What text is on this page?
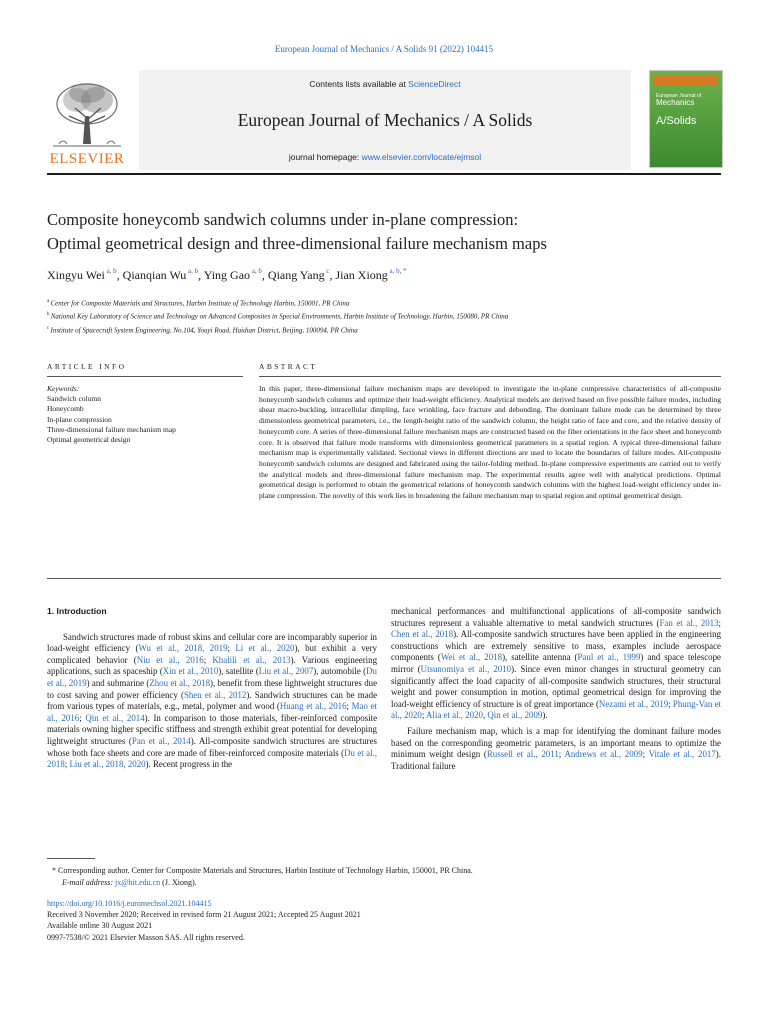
European Journal of Mechanics / A Solids 91 (2022) 104415
ELSEVIER
Contents lists available at ScienceDirect
European Journal of Mechanics / A Solids
journal homepage: www.elsevier.com/locate/ejmsol
European Journal of
Mechanics
A/Solids
Composite honeycomb sandwich columns under in-plane compression:
Optimal geometrical design and three-dimensional failure mechanism maps
Xingyu Wei $^{a, b}$, Qianqian Wu $^{a, b}$, Ying Gao $^{a, b}$, Qiang Yang $^c$, Jian Xiong $^{a, b, *}$
$^a$ Center for Composite Materials and Structures, Harbin Institute of Technology Harbin, 150001, PR China
$^b$ National Key Laboratory of Science and Technology on Advanced Composites in Special Environments, Harbin Institute of Technology, Harbin, 150080, PR China
$^c$ Institute of Spacecraft System Engineering, No.104, Youyi Road, Haidian District, Beijing, 100094, PR China
ARTICLE INFO	ABSTRACT
Keywords:
Sandwich column
Honeycomb
In-plane compression
Three-dimensional failure mechanism map
Optimal geometrical design
In this paper, three-dimensional failure mechanism maps are developed to investigate the in-plane compressive characteristics of all-composite honeycomb sandwich columns and optimize their load-weight efficiency. Analytical models are derived based on five possible failure modes, including shear macro-buckling, intracellular dimpling, face wrinkling, face fracture and debonding. The dominant failure mode can be determined by three dimensionless geometrical parameters, i.e., the length-height ratio of the sandwich column, the height ratio of face and core, and the relative density of honeycomb core. A series of three-dimensional failure mechanism maps are constructed based on the fiber orientations in the face sheet and honeycomb core. It is observed that failure mode transforms with dimensionless geometrical parameters in a spatial region. A typical three-dimensional failure mechanism map is experimentally validated. Sectional views in different directions are used to locate the boundaries of failure modes. All-composite honeycomb sandwich columns are designed and fabricated using the tailor-folding method. In-plane compressive experiments are carried out to verify the analytical models and three-dimensional failure mechanism map. The experimental results agree well with analytical predictions. Optimal geometrical design is performed to obtain the geometrical relations of honeycomb sandwich columns with the highest load-weight efficiency under in-plane compression. The novelty of this work lies in broadening the failure mechanism map to spatial region and optimal geometrical design.
1. Introduction

Sandwich structures made of robust skins and cellular core are incomparably superior in load-weight efficiency (Wu et al., 2018, 2019; Li et al., 2020), but exhibit a very complicated behavior (Niu et al., 2016; Khalili et al., 2013). Various engineering applications, such as spaceship (Xin et al., 2010), satellite (Liu et al., 2007), automobile (Du et al., 2019) and submarine (Zhou et al., 2018), benefit from these lightweight structures due to cost saving and power efficiency (Shen et al., 2012). Sandwich structures can be made from various types of materials, e.g., metal, polymer and wood (Huang et al., 2016; Mao et al., 2016; Qin et al., 2014). In comparison to those materials, fiber-reinforced composite materials owning higher specific stiffness and strength exhibit great potential for developing lightweight structures (Pan et al., 2014). All-composite sandwich structures are structures whose both face sheets and core are made of fiber-reinforced composite materials (Du et al., 2018; Liu et al., 2018, 2020). Recent progress in the

mechanical performances and multifunctional applications of all-composite sandwich structures represent a valuable alternative to metal sandwich structures (Fan et al., 2013; Chen et al., 2018). All-composite sandwich structures have been applied in the engineering constructions which are extremely sensitive to mass, examples include aerospace components (Wei et al., 2018), satellite antenna (Paul et al., 1999) and space telescope mirror (Utsunomiya et al., 2010). Since even minor changes in structural geometry can significantly affect the load capacity of all-composite sandwich structures, their structural weight and power consumption in motion, optimal geometrical design for improving the load-weight efficiency of structure is of great importance (Nezami et al., 2019; Phung-Van et al., 2020; Alia et al., 2020, Qin et al., 2009).

Failure mechanism map, which is a map for identifying the dominant failure modes based on the corresponding geometric parameters, is an important means to optimize the minimum weight design (Russell et al., 2011; Andrews et al., 2009; Vitale et al., 2017). Traditional failure

* Corresponding author. Center for Composite Materials and Structures, Harbin Institute of Technology Harbin, 150001, PR China.
E-mail address: jx@hit.edu.cn (J. Xiong).
https://doi.org/10.1016/j.euromechsol.2021.104415
Received 3 November 2020; Received in revised form 21 August 2021; Accepted 25 August 2021
Available online 30 August 2021
0997-7538/© 2021 Elsevier Masson SAS. All rights reserved.
